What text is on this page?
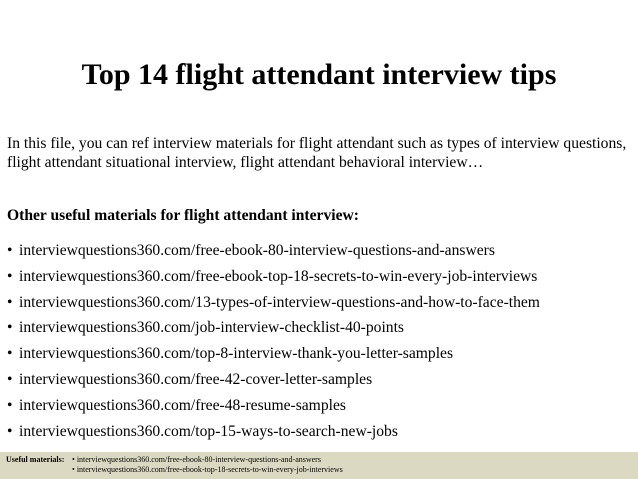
Top 14 flight attendant interview tips
In this file, you can ref interview materials for flight attendant such as types of interview questions, flight attendant situational interview, flight attendant behavioral interview…
Other useful materials for flight attendant interview:
• interviewquestions360.com/free-ebook-80-interview-questions-and-answers
• interviewquestions360.com/free-ebook-top-18-secrets-to-win-every-job-interviews
• interviewquestions360.com/13-types-of-interview-questions-and-how-to-face-them
• interviewquestions360.com/job-interview-checklist-40-points
• interviewquestions360.com/top-8-interview-thank-you-letter-samples
• interviewquestions360.com/free-42-cover-letter-samples
• interviewquestions360.com/free-48-resume-samples
• interviewquestions360.com/top-15-ways-to-search-new-jobs
Useful materials: • interviewquestions360.com/free-ebook-80-interview-questions-and-answers
• interviewquestions360.com/free-ebook-top-18-secrets-to-win-every-job-interviews
